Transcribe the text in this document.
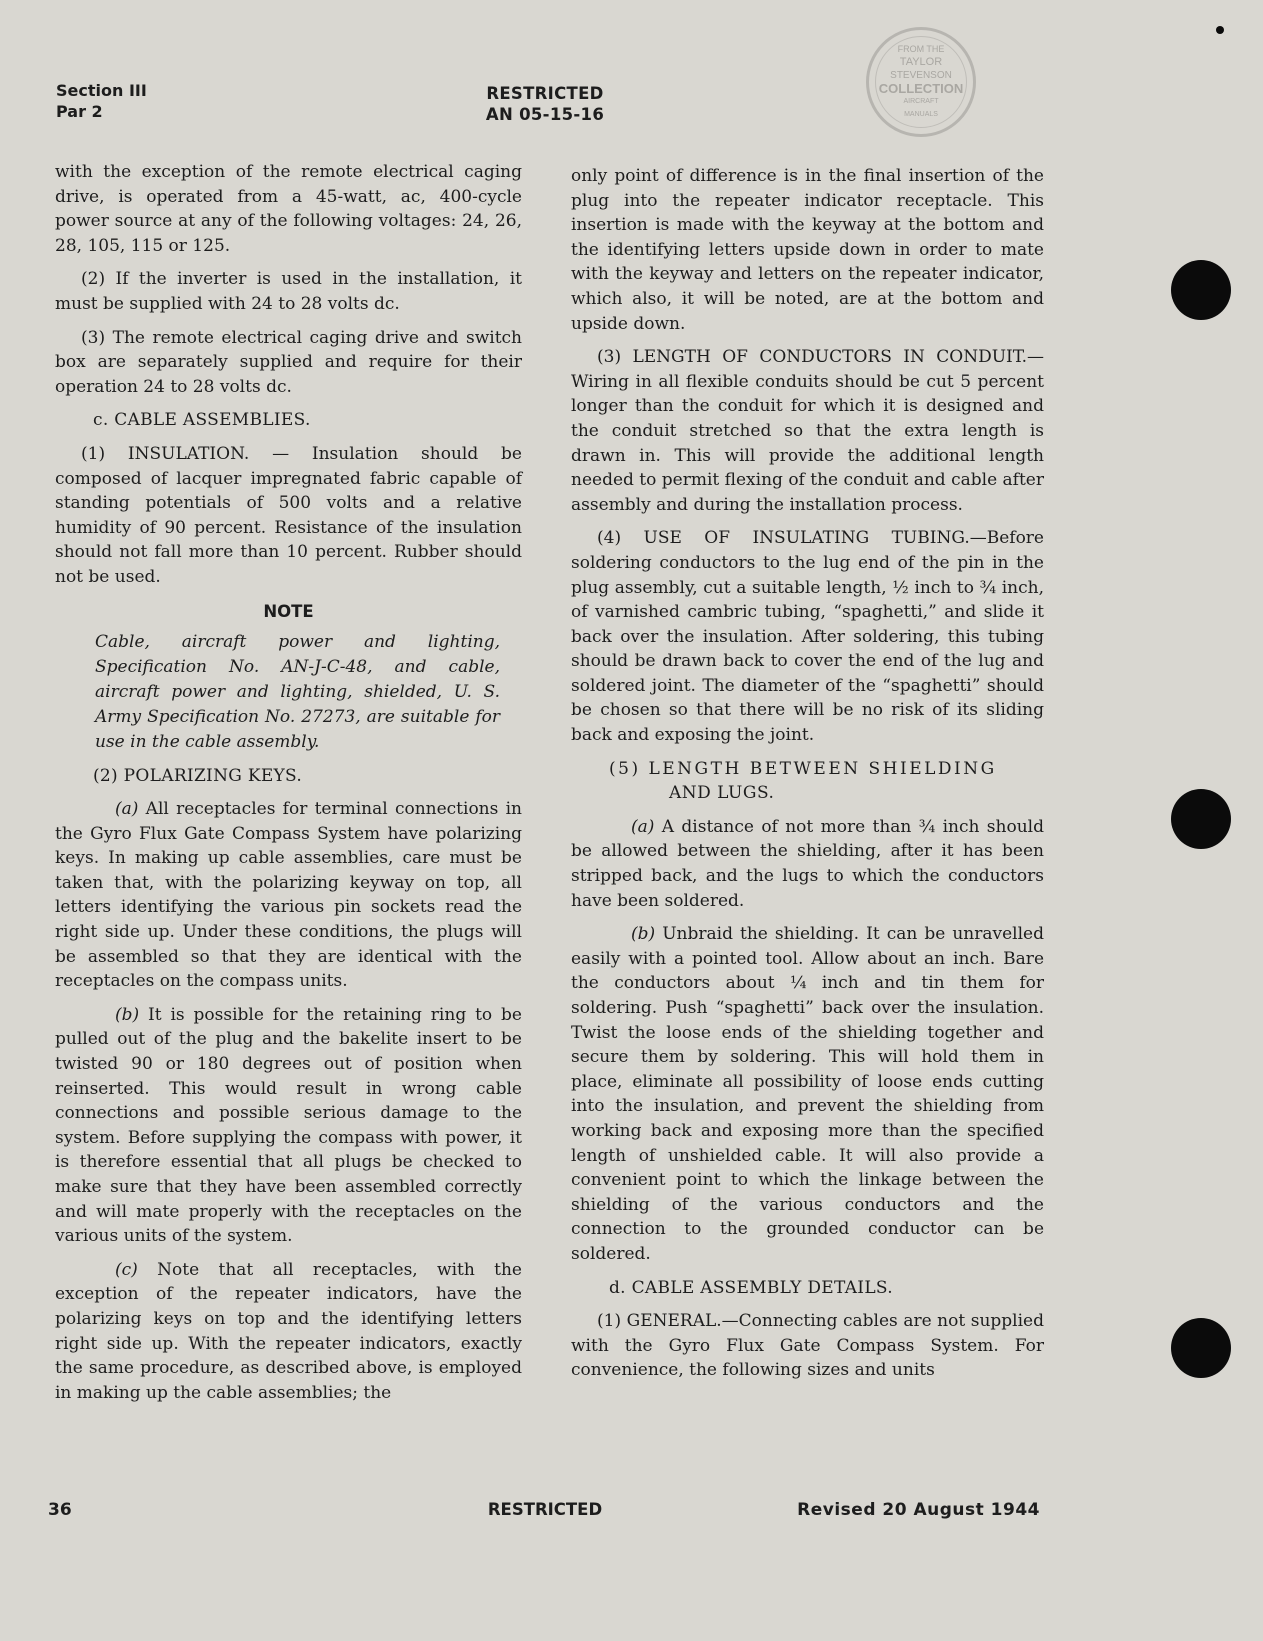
Section III
Par 2
RESTRICTED
AN 05-15-16
FROM THE
TAYLOR
STEVENSON
COLLECTION
AIRCRAFT
MANUALS

with the exception of the remote electrical caging drive, is operated from a 45-watt, ac, 400-cycle power source at any of the following voltages: 24, 26, 28, 105, 115 or 125.

(2) If the inverter is used in the installation, it must be supplied with 24 to 28 volts dc.

(3) The remote electrical caging drive and switch box are separately supplied and require for their operation 24 to 28 volts dc.

c. CABLE ASSEMBLIES.

(1) INSULATION. — Insulation should be composed of lacquer impregnated fabric capable of standing potentials of 500 volts and a relative humidity of 90 percent. Resistance of the insulation should not fall more than 10 percent. Rubber should not be used.

NOTE

Cable, aircraft power and lighting, Specification No. AN-J-C-48, and cable, aircraft power and lighting, shielded, U. S. Army Specification No. 27273, are suitable for use in the cable assembly.

(2) POLARIZING KEYS.

(a) All receptacles for terminal connections in the Gyro Flux Gate Compass System have polarizing keys. In making up cable assemblies, care must be taken that, with the polarizing keyway on top, all letters identifying the various pin sockets read the right side up. Under these conditions, the plugs will be assembled so that they are identical with the receptacles on the compass units.

(b) It is possible for the retaining ring to be pulled out of the plug and the bakelite insert to be twisted 90 or 180 degrees out of position when reinserted. This would result in wrong cable connections and possible serious damage to the system. Before supplying the compass with power, it is therefore essential that all plugs be checked to make sure that they have been assembled correctly and will mate properly with the receptacles on the various units of the system.

(c) Note that all receptacles, with the exception of the repeater indicators, have the polarizing keys on top and the identifying letters right side up. With the repeater indicators, exactly the same procedure, as described above, is employed in making up the cable assemblies; the

only point of difference is in the final insertion of the plug into the repeater indicator receptacle. This insertion is made with the keyway at the bottom and the identifying letters upside down in order to mate with the keyway and letters on the repeater indicator, which also, it will be noted, are at the bottom and upside down.

(3) LENGTH OF CONDUCTORS IN CONDUIT.—Wiring in all flexible conduits should be cut 5 percent longer than the conduit for which it is designed and the conduit stretched so that the extra length is drawn in. This will provide the additional length needed to permit flexing of the conduit and cable after assembly and during the installation process.

(4) USE OF INSULATING TUBING.—Before soldering conductors to the lug end of the pin in the plug assembly, cut a suitable length, ½ inch to ¾ inch, of varnished cambric tubing, “spaghetti,” and slide it back over the insulation. After soldering, this tubing should be drawn back to cover the end of the lug and soldered joint. The diameter of the “spaghetti” should be chosen so that there will be no risk of its sliding back and exposing the joint.

(5) LENGTH BETWEEN SHIELDING
AND LUGS.

(a) A distance of not more than ¾ inch should be allowed between the shielding, after it has been stripped back, and the lugs to which the conductors have been soldered.

(b) Unbraid the shielding. It can be unravelled easily with a pointed tool. Allow about an inch. Bare the conductors about ¼ inch and tin them for soldering. Push “spaghetti” back over the insulation. Twist the loose ends of the shielding together and secure them by soldering. This will hold them in place, eliminate all possibility of loose ends cutting into the insulation, and prevent the shielding from working back and exposing more than the specified length of unshielded cable. It will also provide a convenient point to which the linkage between the shielding of the various conductors and the connection to the grounded conductor can be soldered.

d. CABLE ASSEMBLY DETAILS.

(1) GENERAL.—Connecting cables are not supplied with the Gyro Flux Gate Compass System. For convenience, the following sizes and units

36	RESTRICTED	Revised 20 August 1944
